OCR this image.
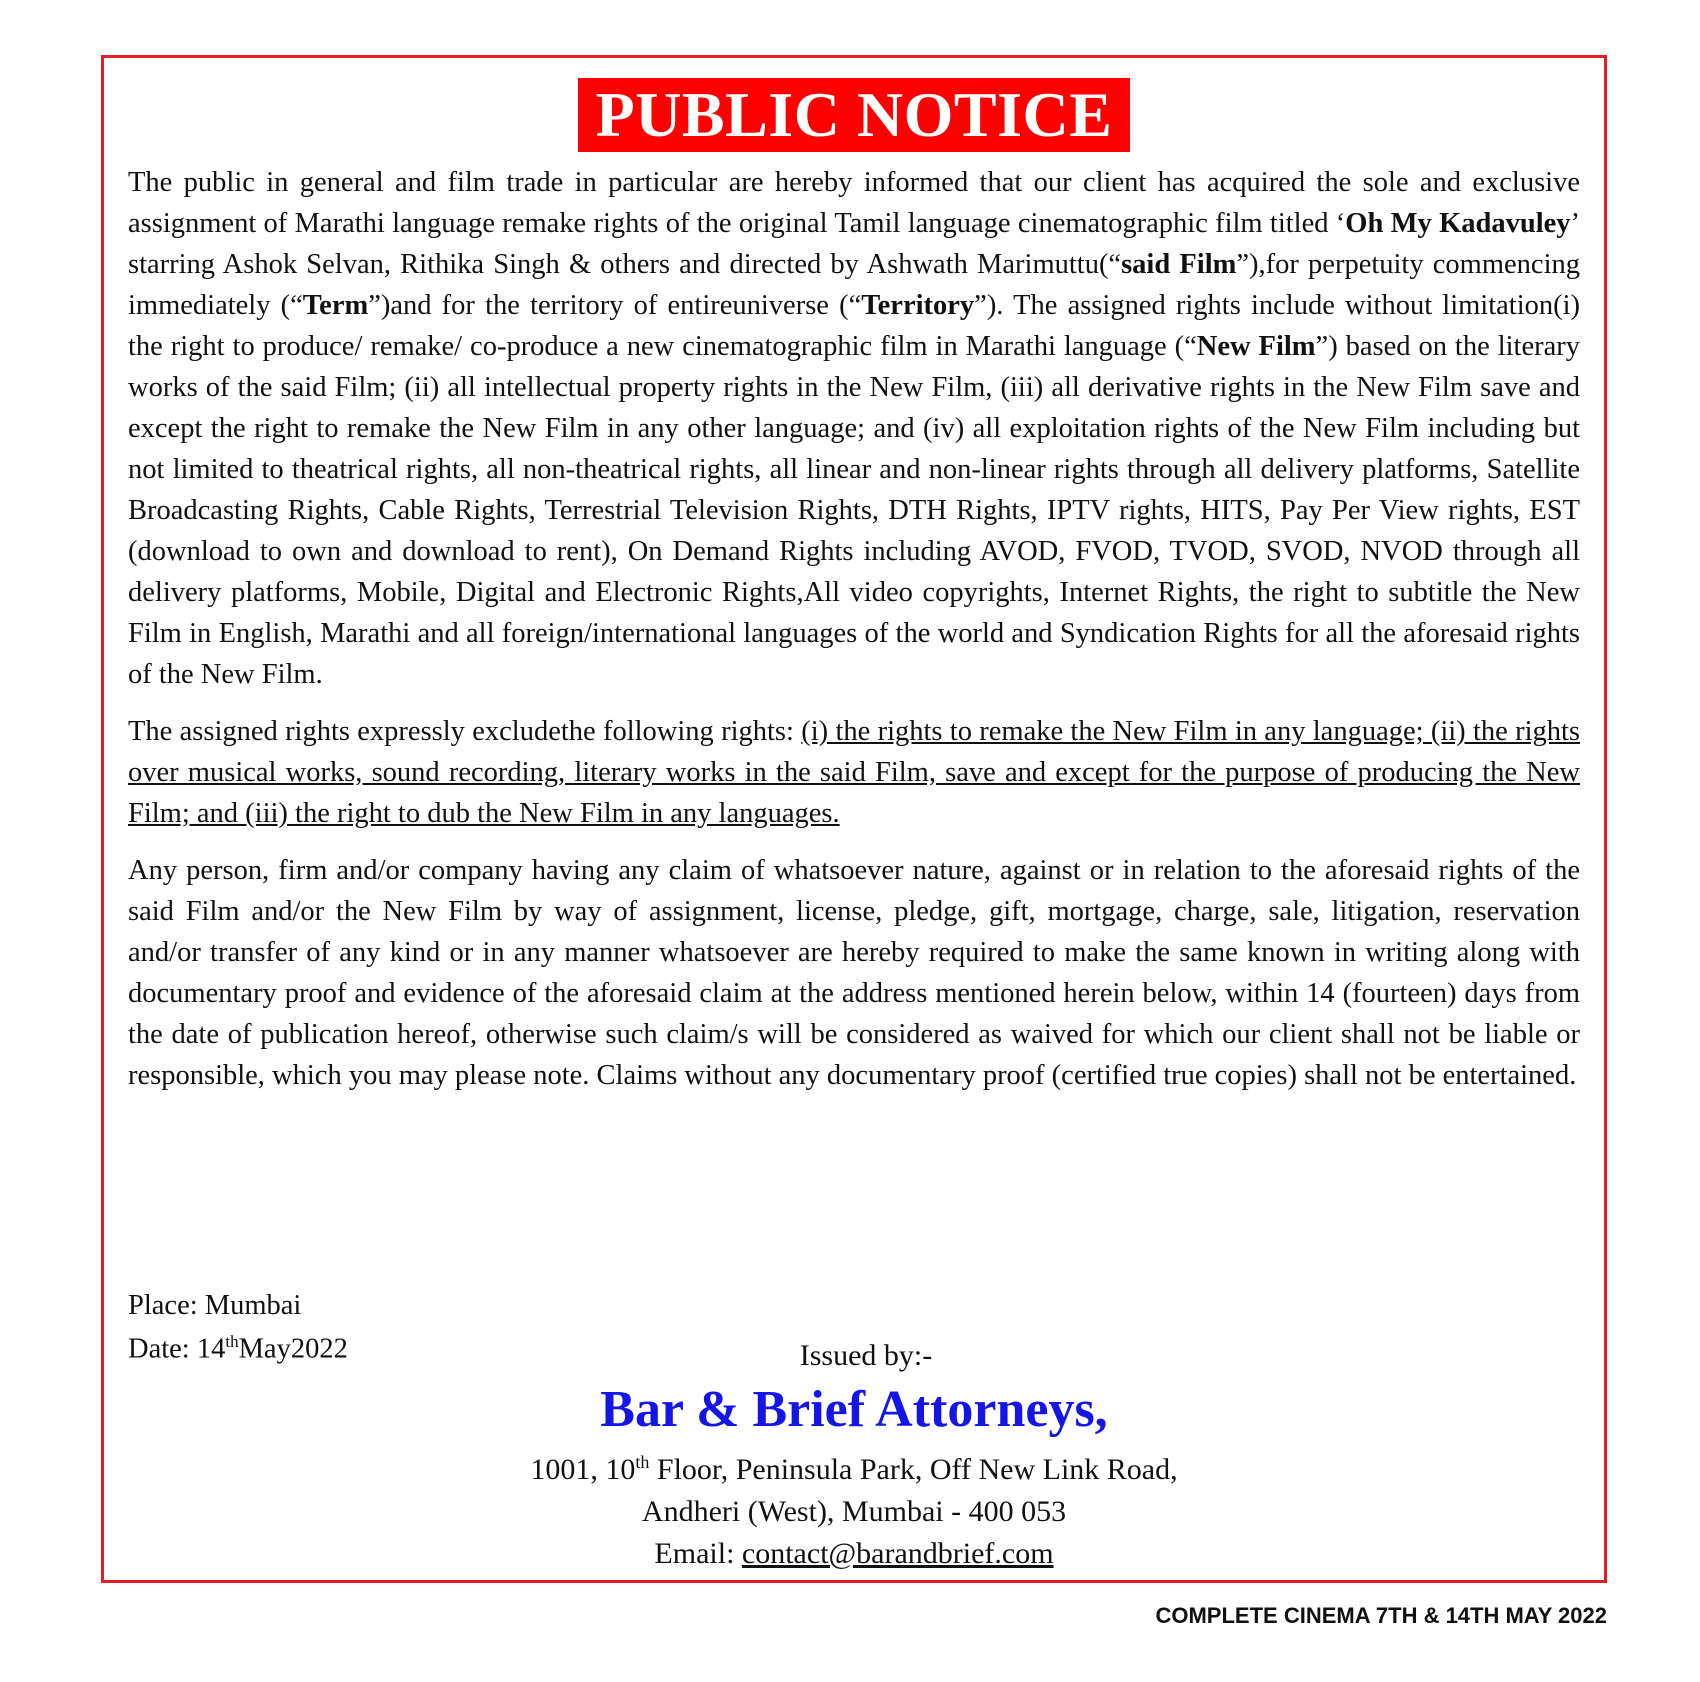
PUBLIC NOTICE

The public in general and film trade in particular are hereby informed that our client has acquired the sole and exclusive assignment of Marathi language remake rights of the original Tamil language cinematographic film titled ‘Oh My Kadavuley’ starring Ashok Selvan, Rithika Singh & others and directed by Ashwath Marimuttu(“said Film”),for perpetuity commencing immediately (“Term”)and for the territory of entireuniverse (“Territory”). The assigned rights include without limitation(i) the right to produce/ remake/ co-produce a new cinematographic film in Marathi language (“New Film”) based on the literary works of the said Film; (ii) all intellectual property rights in the New Film, (iii) all derivative rights in the New Film save and except the right to remake the New Film in any other language; and (iv) all exploitation rights of the New Film including but not limited to theatrical rights, all non-theatrical rights, all linear and non-linear rights through all delivery platforms, Satellite Broadcasting Rights, Cable Rights, Terrestrial Television Rights, DTH Rights, IPTV rights, HITS, Pay Per View rights, EST (download to own and download to rent), On Demand Rights including AVOD, FVOD, TVOD, SVOD, NVOD through all delivery platforms, Mobile, Digital and Electronic Rights,All video copyrights, Internet Rights, the right to subtitle the New Film in English, Marathi and all foreign/international languages of the world and Syndication Rights for all the aforesaid rights of the New Film.

The assigned rights expressly excludethe following rights: (i) the rights to remake the New Film in any language; (ii) the rights over musical works, sound recording, literary works in the said Film, save and except for the purpose of producing the New Film; and (iii) the right to dub the New Film in any languages.

Any person, firm and/or company having any claim of whatsoever nature, against or in relation to the aforesaid rights of the said Film and/or the New Film by way of assignment, license, pledge, gift, mortgage, charge, sale, litigation, reservation and/or transfer of any kind or in any manner whatsoever are hereby required to make the same known in writing along with documentary proof and evidence of the aforesaid claim at the address mentioned herein below, within 14 (fourteen) days from the date of publication hereof, otherwise such claim/s will be considered as waived for which our client shall not be liable or responsible, which you may please note. Claims without any documentary proof (certified true copies) shall not be entertained.

Place: Mumbai
Date: 14thMay2022	Issued by:-
Bar & Brief Attorneys,
1001, 10th Floor, Peninsula Park, Off New Link Road,
Andheri (West), Mumbai - 400 053
Email: contact@barandbrief.com
COMPLETE CINEMA 7TH & 14TH MAY 2022
